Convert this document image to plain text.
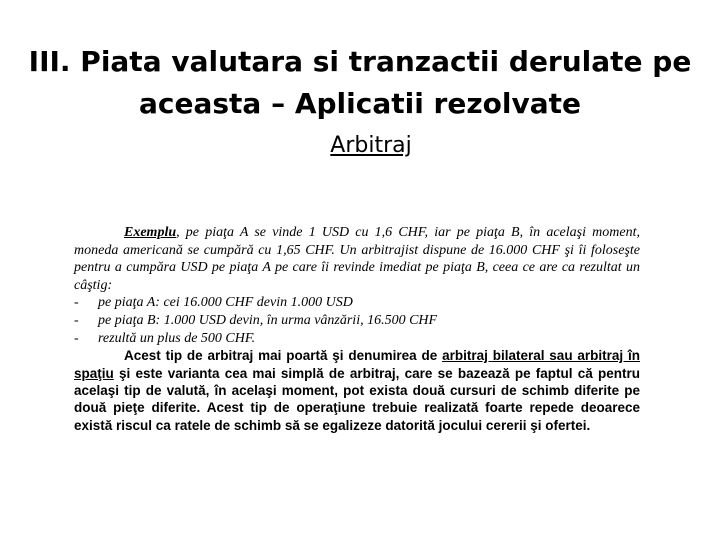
III. Piata valutara si tranzactii derulate pe aceasta – Aplicatii rezolvate
Arbitraj

Exemplu, pe piaţa A se vinde 1 USD cu 1,6 CHF, iar pe piaţa B, în acelaşi moment, moneda americană se cumpără cu 1,65 CHF. Un arbitrajist dispune de 16.000 CHF şi îi foloseşte pentru a cumpăra USD pe piaţa A pe care îi revinde imediat pe piaţa B, ceea ce are ca rezultat un câştig:

- pe piaţa A: cei 16.000 CHF devin 1.000 USD
- pe piaţa B: 1.000 USD devin, în urma vânzării, 16.500 CHF
- rezultă un plus de 500 CHF.

Acest tip de arbitraj mai poartă şi denumirea de arbitraj bilateral sau arbitraj în spaţiu şi este varianta cea mai simplă de arbitraj, care se bazează pe faptul că pentru acelaşi tip de valută, în acelaşi moment, pot exista două cursuri de schimb diferite pe două pieţe diferite. Acest tip de operaţiune trebuie realizată foarte repede deoarece există riscul ca ratele de schimb să se egalizeze datorită jocului cererii şi ofertei.
